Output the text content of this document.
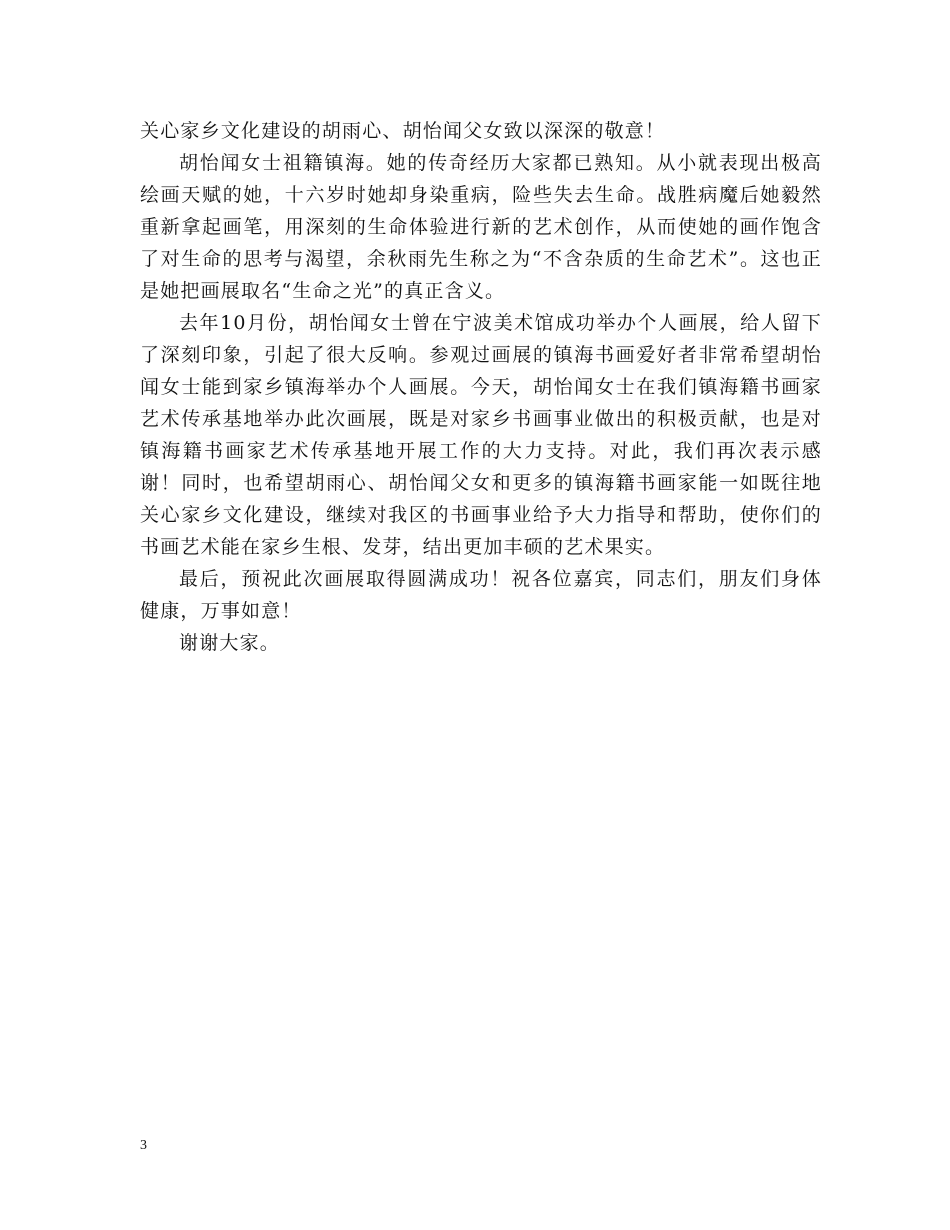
关心家乡文化建设的胡雨心、胡怡闻父女致以深深的敬意！

胡怡闻女士祖籍镇海。她的传奇经历大家都已熟知。从小就表现出极高绘画天赋的她，十六岁时她却身染重病，险些失去生命。战胜病魔后她毅然重新拿起画笔，用深刻的生命体验进行新的艺术创作，从而使她的画作饱含了对生命的思考与渴望，余秋雨先生称之为“不含杂质的生命艺术”。这也正是她把画展取名“生命之光”的真正含义。

去年10月份，胡怡闻女士曾在宁波美术馆成功举办个人画展，给人留下了深刻印象，引起了很大反响。参观过画展的镇海书画爱好者非常希望胡怡闻女士能到家乡镇海举办个人画展。今天，胡怡闻女士在我们镇海籍书画家艺术传承基地举办此次画展，既是对家乡书画事业做出的积极贡献，也是对镇海籍书画家艺术传承基地开展工作的大力支持。对此，我们再次表示感谢！同时，也希望胡雨心、胡怡闻父女和更多的镇海籍书画家能一如既往地关心家乡文化建设，继续对我区的书画事业给予大力指导和帮助，使你们的书画艺术能在家乡生根、发芽，结出更加丰硕的艺术果实。

最后，预祝此次画展取得圆满成功！祝各位嘉宾，同志们，朋友们身体健康，万事如意！

谢谢大家。

3
